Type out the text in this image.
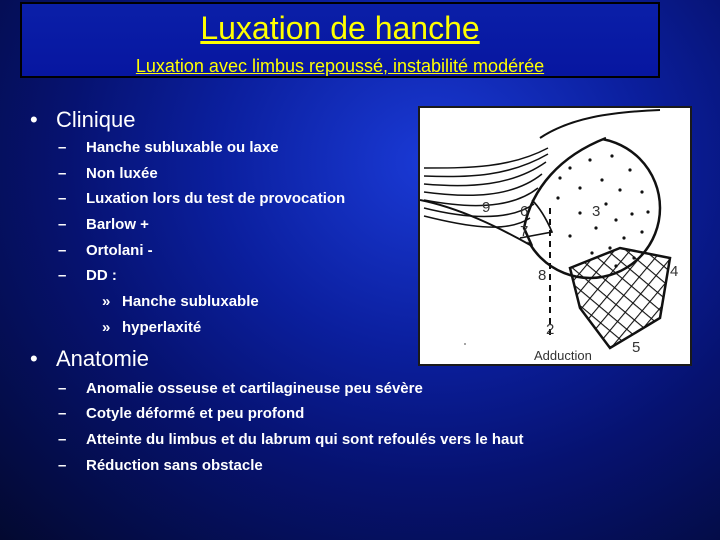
Luxation de hanche
Luxation avec limbus repoussé, instabilité modérée
• Clinique
– Hanche subluxable ou laxe
– Non luxée
– Luxation lors du test de provocation
– Barlow +
– Ortolani -
– DD :
» Hanche subluxable
» hyperlaxité
• Anatomie
– Anomalie osseuse et cartilagineuse peu sévère
– Cotyle déformé et peu profond
– Atteinte du limbus et du labrum qui sont refoulés vers le haut
– Réduction sans obstacle
9 6	3
7
8	4
2
5
Adduction
